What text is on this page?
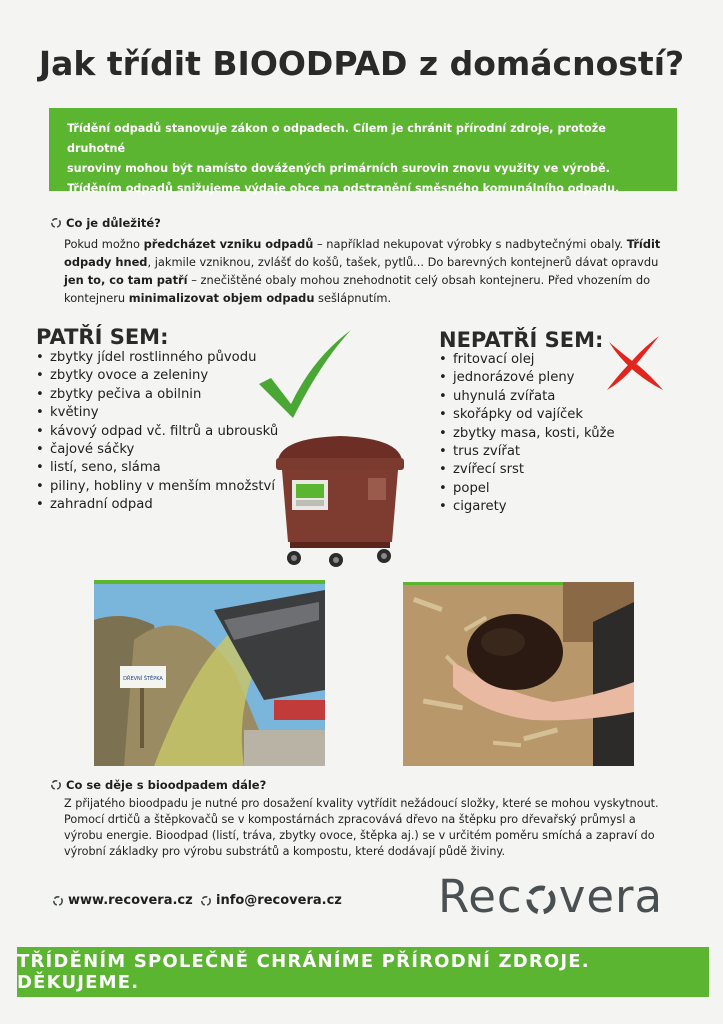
Jak třídit BIOODPAD z domácností?

Třídění odpadů stanovuje zákon o odpadech. Cílem je chránit přírodní zdroje, protože druhotné

suroviny mohou být namísto dovážených primárních surovin znovu využity ve výrobě.

Tříděním odpadů snižujeme výdaje obce na odstranění směsného komunálního odpadu.

Co je důležité?
Pokud možno předcházet vzniku odpadů – například nekupovat výrobky s nadbytečnými obaly. Třídit odpady hned, jakmile vzniknou, zvlášť do košů, tašek, pytlů... Do barevných kontejnerů dávat opravdu jen to, co tam patří – znečištěné obaly mohou znehodnotit celý obsah kontejneru. Před vhozením do kontejneru minimalizovat objem odpadu sešlápnutím.
PATŘÍ SEM:
• zbytky jídel rostlinného původu
• zbytky ovoce a zeleniny
• zbytky pečiva a obilnin
• květiny
• kávový odpad vč. filtrů a ubrousků
• čajové sáčky
• listí, seno, sláma
• piliny, hobliny v menším množství
• zahradní odpad
NEPATŘÍ SEM:
• fritovací olej
• jednorázové pleny
• uhynulá zvířata
• skořápky od vajíček
• zbytky masa, kosti, kůže
• trus zvířat
• zvířecí srst
• popel
• cigarety
DŘEVNÍ ŠTĚPKA
Co se děje s bioodpadem dále?
Z přijatého bioodpadu je nutné pro dosažení kvality vytřídit nežádoucí složky, které se mohou vyskytnout. Pomocí drtičů a štěpkovačů se v kompostárnách zpracovává dřevo na štěpku pro dřevařský průmysl a výrobu energie. Bioodpad (listí, tráva, zbytky ovoce, štěpka aj.) se v určitém poměru smíchá a zapraví do výrobní základky pro výrobu substrátů a kompostu, které dodávají půdě živiny.
www.recovera.cz info@recovera.cz Rec vera
TŘÍDĚNÍM SPOLEČNĚ CHRÁNÍME PŘÍRODNÍ ZDROJE. DĚKUJEME.
